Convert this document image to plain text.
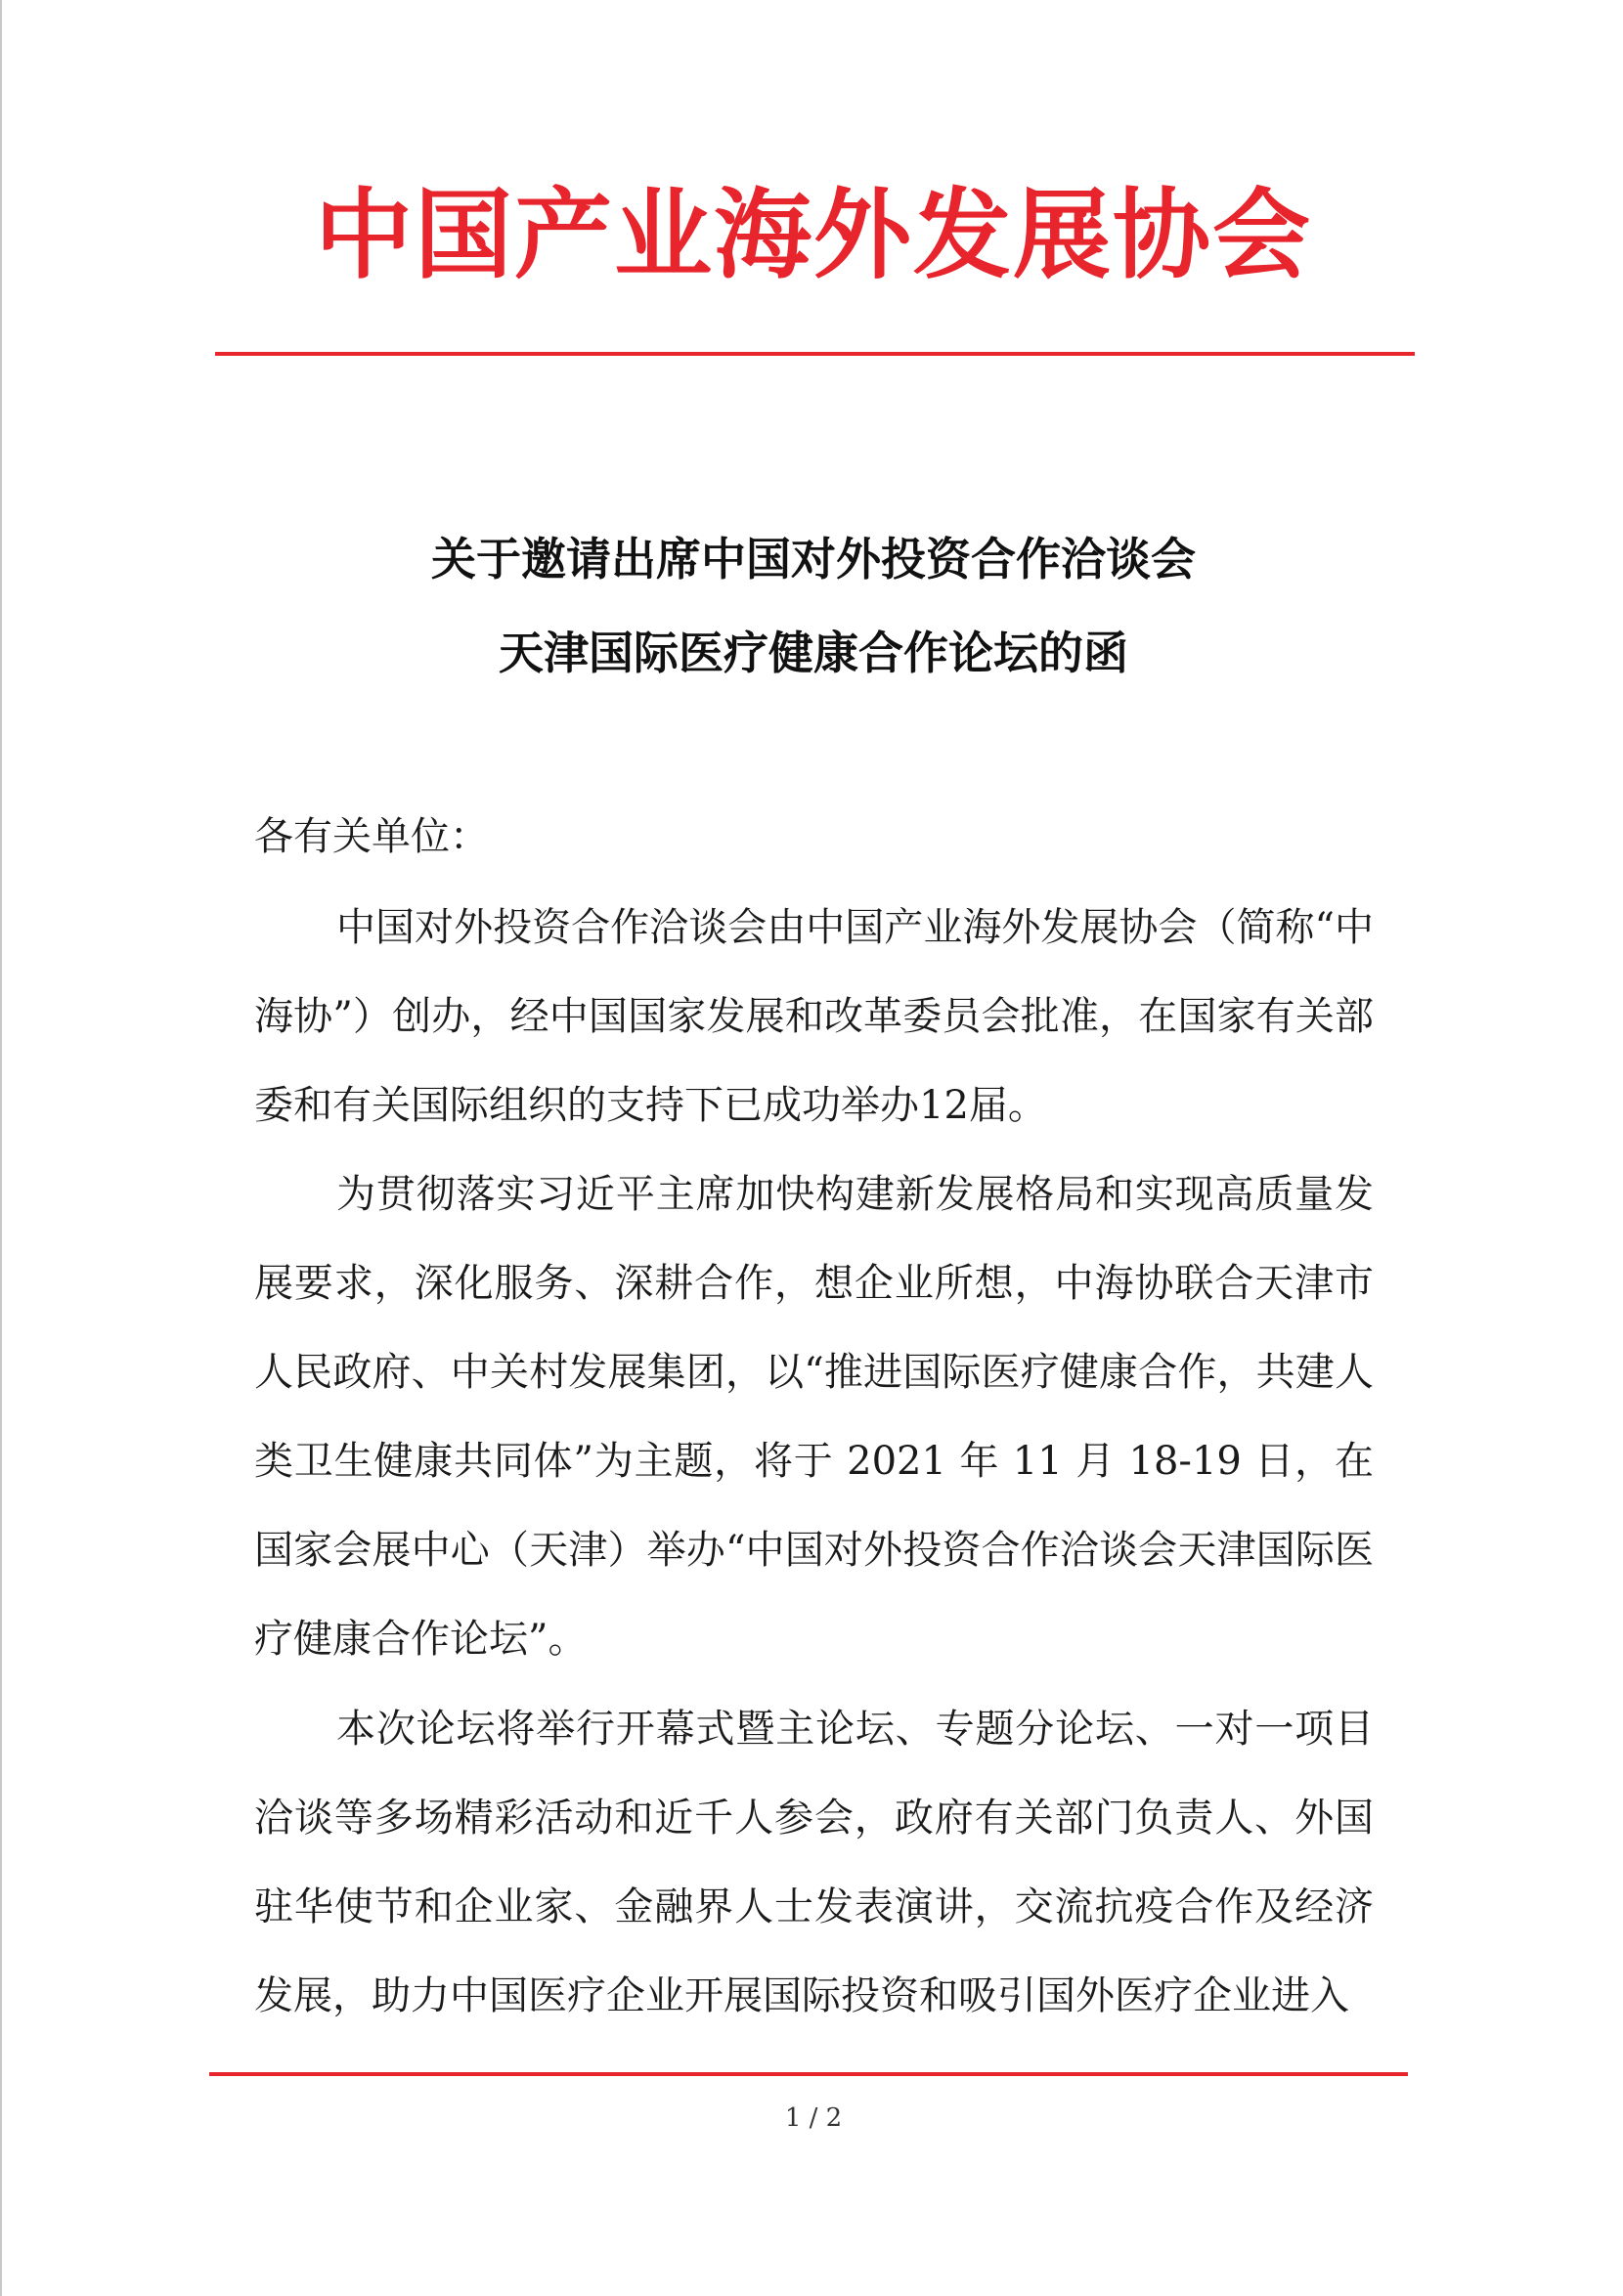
中国产业海外发展协会
关于邀请出席中国对外投资合作洽谈会
天津国际医疗健康合作论坛的函
各有关单位：

中国对外投资合作洽谈会由中国产业海外发展协会（简称“中海协”）创办，经中国国家发展和改革委员会批准，在国家有关部委和有关国际组织的支持下已成功举办12届。

为贯彻落实习近平主席加快构建新发展格局和实现高质量发展要求，深化服务、深耕合作，想企业所想，中海协联合天津市人民政府、中关村发展集团，以“推进国际医疗健康合作，共建人类卫生健康共同体”为主题，将于 2021 年 11 月 18-19 日，在国家会展中心（天津）举办“中国对外投资合作洽谈会天津国际医疗健康合作论坛”。

本次论坛将举行开幕式暨主论坛、专题分论坛、一对一项目洽谈等多场精彩活动和近千人参会，政府有关部门负责人、外国驻华使节和企业家、金融界人士发表演讲，交流抗疫合作及经济发展，助力中国医疗企业开展国际投资和吸引国外医疗企业进入

1 / 2
